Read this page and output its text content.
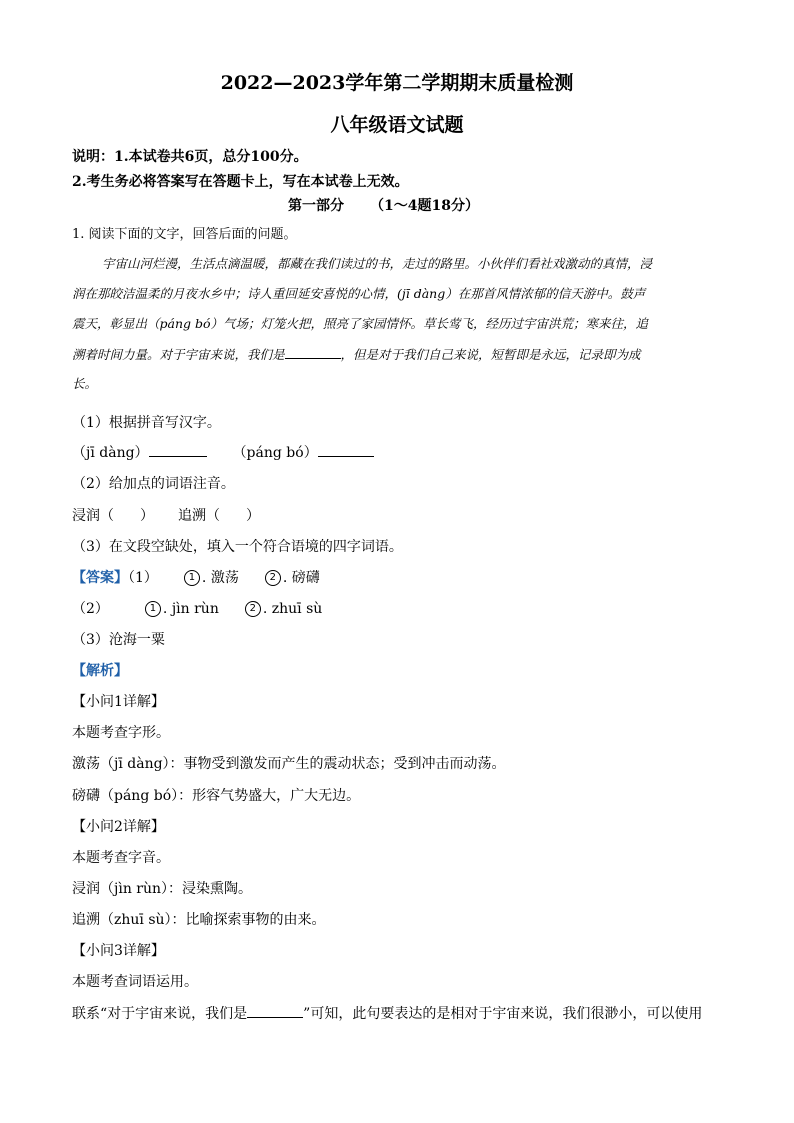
2022—2023学年第二学期期末质量检测
八年级语文试题
说明：1.本试卷共6页，总分100分。
2.考生务必将答案写在答题卡上，写在本试卷上无效。
第一部分 （1～4题18分）
1. 阅读下面的文字，回答后面的问题。
宇宙山河烂漫，生活点滴温暖，都藏在我们读过的书，走过的路里。小伙伴们看社戏激动的真情，浸
润在那皎洁温柔的月夜水乡中；诗人重回延安喜悦的心情，(jī dàng）在那首风情浓郁的信天游中。鼓声
震天，彰显出（páng bó）气场；灯笼火把，照亮了家园情怀。草长莺飞，经历过宇宙洪荒；寒来往，追
溯着时间力量。对于宇宙来说，我们是	，但是对于我们自己来说，短暂即是永远，记录即为成
长。
（1）根据拼音写汉字。
（jī dàng）	（páng bó）
（2）给加点的词语注音。
浸润（ ） 追溯（ ）
（3）在文段空缺处，填入一个符合语境的四字词语。
【答案】（1）	1 . 激荡	2 . 磅礴
（2）	1 . jìn rùn	2 . zhuī sù
（3）沧海一粟
【解析】
【小问1详解】
本题考查字形。
激荡（jī dàng）：事物受到激发而产生的震动状态；受到冲击而动荡。
磅礴（páng bó）：形容气势盛大，广大无边。
【小问2详解】
本题考查字音。
浸润（jìn rùn）：浸染熏陶。
追溯（zhuī sù）：比喻探索事物的由来。
【小问3详解】
本题考查词语运用。
联系“对于宇宙来说，我们是	”可知，此句要表达的是相对于宇宙来说，我们很渺小，可以使用
